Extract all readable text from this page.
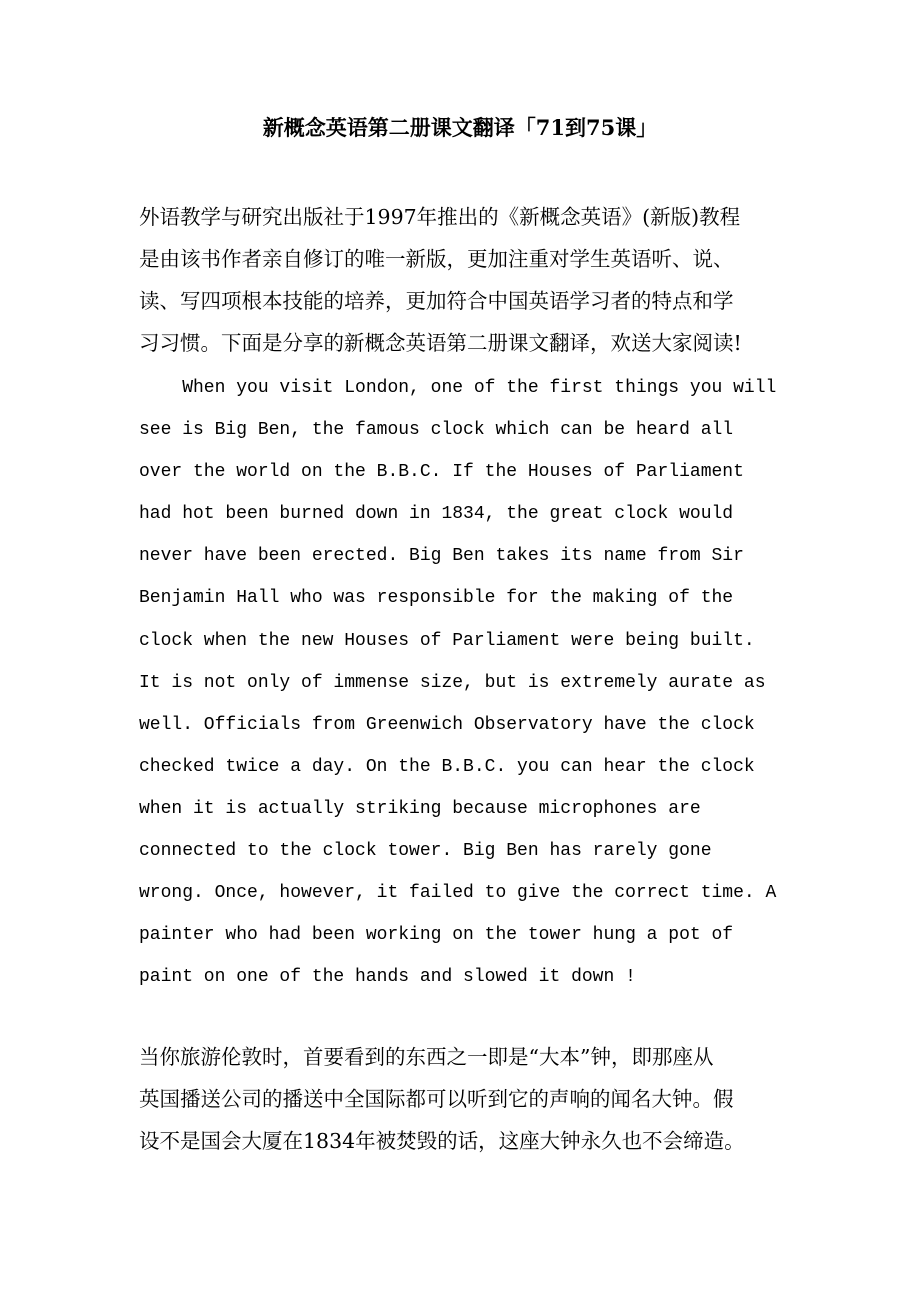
新概念英语第二册课文翻译「71到75课」
外语教学与研究出版社于1997年推出的《新概念英语》(新版)教程
是由该书作者亲自修订的唯一新版，更加注重对学生英语听、说、
读、写四项根本技能的培养，更加符合中国英语学习者的特点和学
习习惯。下面是分享的新概念英语第二册课文翻译，欢送大家阅读!
When you visit London, one of the first things you will
see is Big Ben, the famous clock which can be heard all
over the world on the B.B.C. If the Houses of Parliament
had hot been burned down in 1834, the great clock would
never have been erected. Big Ben takes its name from Sir
Benjamin Hall who was responsible for the making of the
clock when the new Houses of Parliament were being built.
It is not only of immense size, but is extremely aurate as
well. Officials from Greenwich Observatory have the clock
checked twice a day. On the B.B.C. you can hear the clock
when it is actually striking because microphones are
connected to the clock tower. Big Ben has rarely gone
wrong. Once, however, it failed to give the correct time. A
painter who had been working on the tower hung a pot of
paint on one of the hands and slowed it down !
当你旅游伦敦时，首要看到的东西之一即是“大本”钟，即那座从
英国播送公司的播送中全国际都可以听到它的声响的闻名大钟。假
设不是国会大厦在1834年被焚毁的话，这座大钟永久也不会缔造。
